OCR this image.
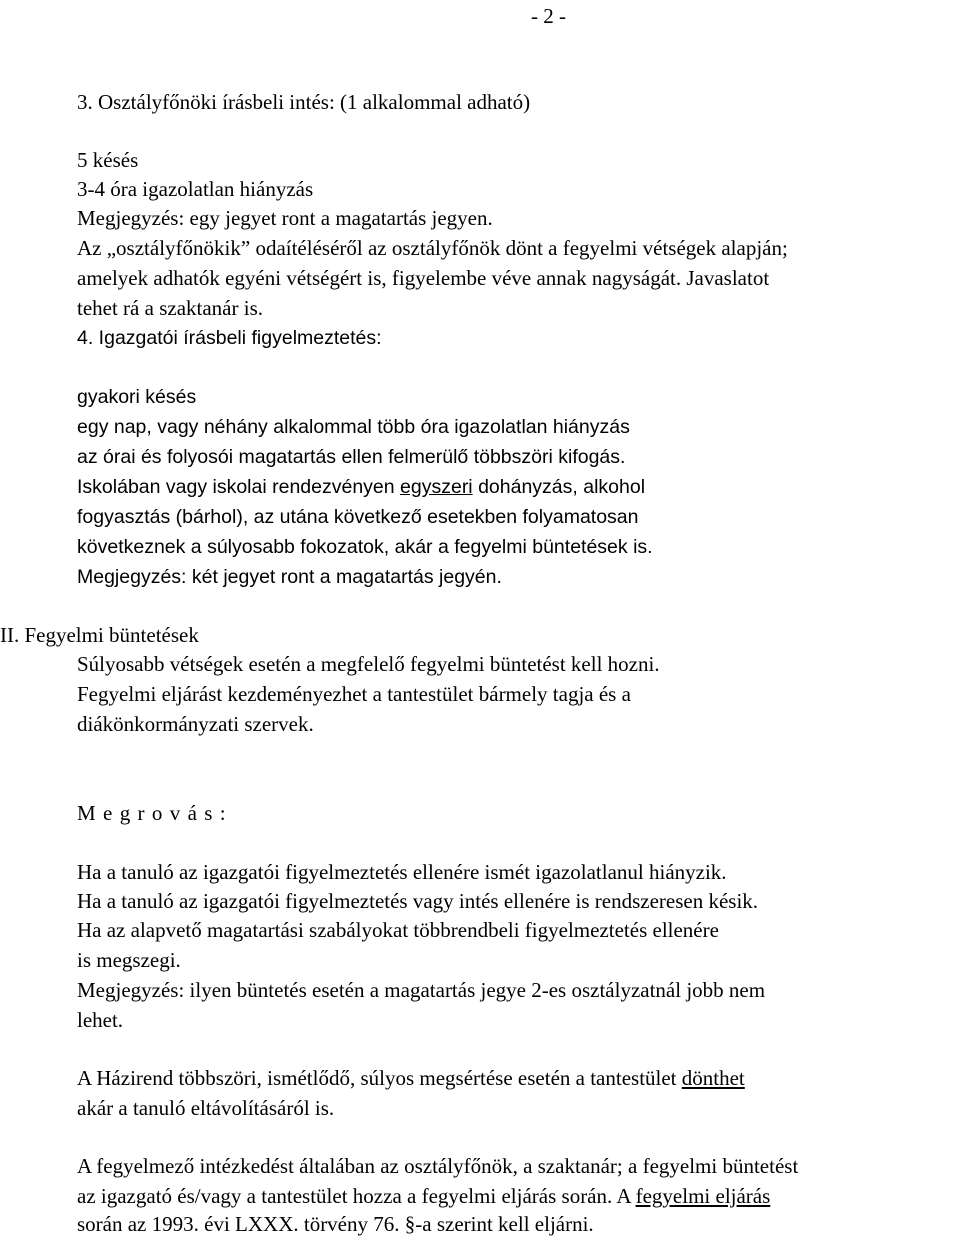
- 2 -
3. Osztályfőnöki írásbeli intés: (1 alkalommal adható)
5 késés
3-4 óra igazolatlan hiányzás
Megjegyzés: egy jegyet ront a magatartás jegyen.
Az „osztályfőnökik” odaítéléséről az osztályfőnök dönt a fegyelmi vétségek alapján;
amelyek adhatók egyéni vétségért is, figyelembe véve annak nagyságát. Javaslatot
tehet rá a szaktanár is.
4. Igazgatói írásbeli figyelmeztetés:
gyakori késés
egy nap, vagy néhány alkalommal több óra igazolatlan hiányzás
az órai és folyosói magatartás ellen felmerülő többszöri kifogás.
Iskolában vagy iskolai rendezvényen egyszeri dohányzás, alkohol
fogyasztás (bárhol), az utána következő esetekben folyamatosan
következnek a súlyosabb fokozatok, akár a fegyelmi büntetések is.
Megjegyzés: két jegyet ront a magatartás jegyén.
II. Fegyelmi büntetések
Súlyosabb vétségek esetén a megfelelő fegyelmi büntetést kell hozni.
Fegyelmi eljárást kezdeményezhet a tantestület bármely tagja és a
diákönkormányzati szervek.
Megrovás:
Ha a tanuló az igazgatói figyelmeztetés ellenére ismét igazolatlanul hiányzik.
Ha a tanuló az igazgatói figyelmeztetés vagy intés ellenére is rendszeresen késik.
Ha az alapvető magatartási szabályokat többrendbeli figyelmeztetés ellenére
is megszegi.
Megjegyzés: ilyen büntetés esetén a magatartás jegye 2-es osztályzatnál jobb nem
lehet.
A Házirend többszöri, ismétlődő, súlyos megsértése esetén a tantestület dönthet
akár a tanuló eltávolításáról is.
A fegyelmező intézkedést általában az osztályfőnök, a szaktanár; a fegyelmi büntetést
az igazgató és/vagy a tantestület hozza a fegyelmi eljárás során. A fegyelmi eljárás
során az 1993. évi LXXX. törvény 76. §-a szerint kell eljárni.
